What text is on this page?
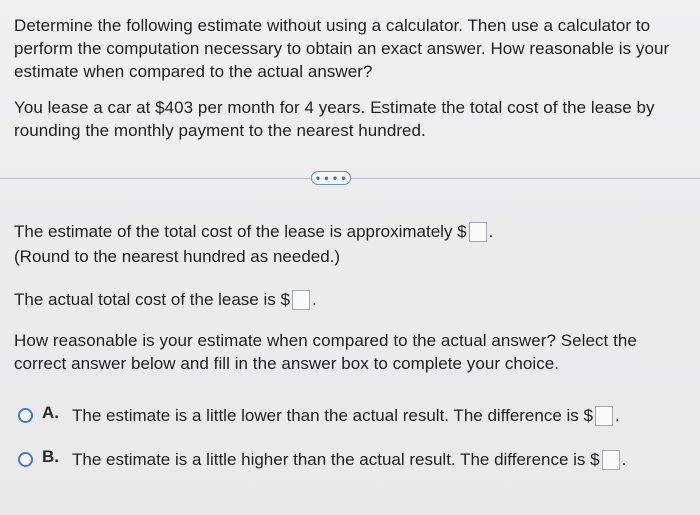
Determine the following estimate without using a calculator. Then use a calculator to perform the computation necessary to obtain an exact answer. How reasonable is your estimate when compared to the actual answer?
You lease a car at $403 per month for 4 years. Estimate the total cost of the lease by rounding the monthly payment to the nearest hundred.
• • • •
The estimate of the total cost of the lease is approximately $ .
(Round to the nearest hundred as needed.)
The actual total cost of the lease is $ .
How reasonable is your estimate when compared to the actual answer? Select the correct answer below and fill in the answer box to complete your choice.
A. The estimate is a little lower than the actual result. The difference is $ .
B. The estimate is a little higher than the actual result. The difference is $ .
